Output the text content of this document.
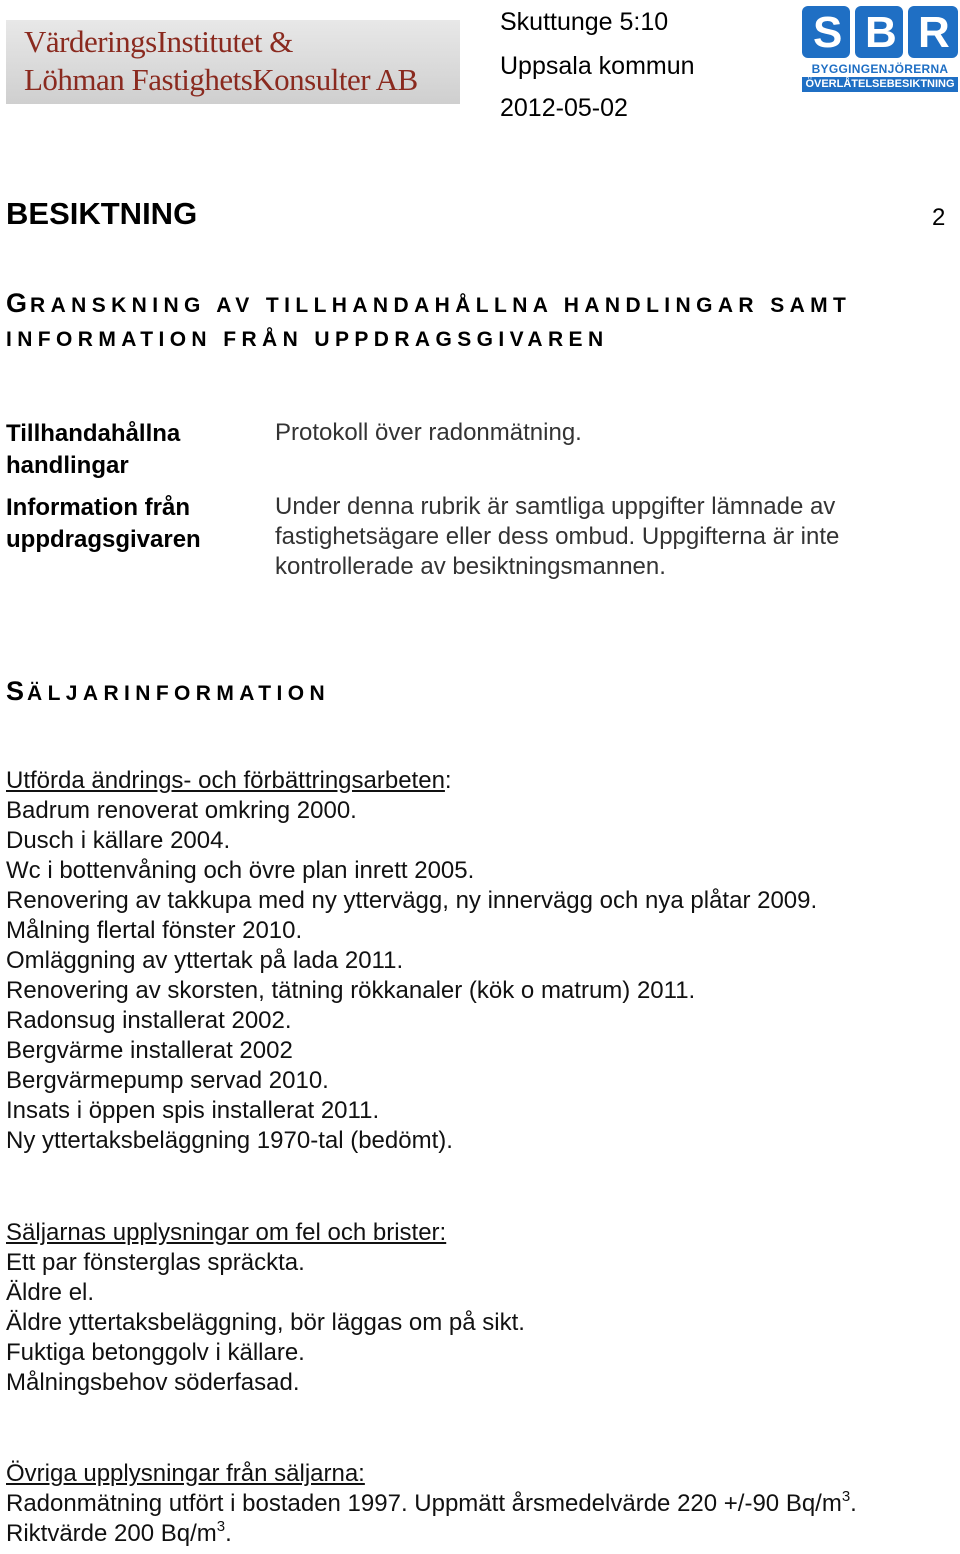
VärderingsInstitutet &
Löhman FastighetsKonsulter AB
Skuttunge 5:10
Uppsala kommun
2012-05-02
S B R
BYGGINGENJÖRERNA
ÖVERLÅTELSEBESIKTNING
BESIKTNING	2
GRANSKNING AV TILLHANDAHÅLLNA HANDLINGAR SAMT
INFORMATION FRÅN UPPDRAGSGIVAREN
Tillhandahållna handlingar
Protokoll över radonmätning.
Information från uppdragsgivaren
Under denna rubrik är samtliga uppgifter lämnade av fastighetsägare eller dess ombud. Uppgifterna är inte kontrollerade av besiktningsmannen.
SÄLJARINFORMATION
Utförda ändrings- och förbättringsarbeten:
Badrum renoverat omkring 2000.
Dusch i källare 2004.
Wc i bottenvåning och övre plan inrett 2005.
Renovering av takkupa med ny yttervägg, ny innervägg och nya plåtar 2009.
Målning flertal fönster 2010.
Omläggning av yttertak på lada 2011.
Renovering av skorsten, tätning rökkanaler (kök o matrum) 2011.
Radonsug installerat 2002.
Bergvärme installerat 2002
Bergvärmepump servad 2010.
Insats i öppen spis installerat 2011.
Ny yttertaksbeläggning 1970-tal (bedömt).
Säljarnas upplysningar om fel och brister:
Ett par fönsterglas spräckta.
Äldre el.
Äldre yttertaksbeläggning, bör läggas om på sikt.
Fuktiga betonggolv i källare.
Målningsbehov söderfasad.
Övriga upplysningar från säljarna:
Radonmätning utfört i bostaden 1997. Uppmätt årsmedelvärde 220 +/-90 $Bq/m^3$.
Riktvärde 200 $Bq/m^3$.
